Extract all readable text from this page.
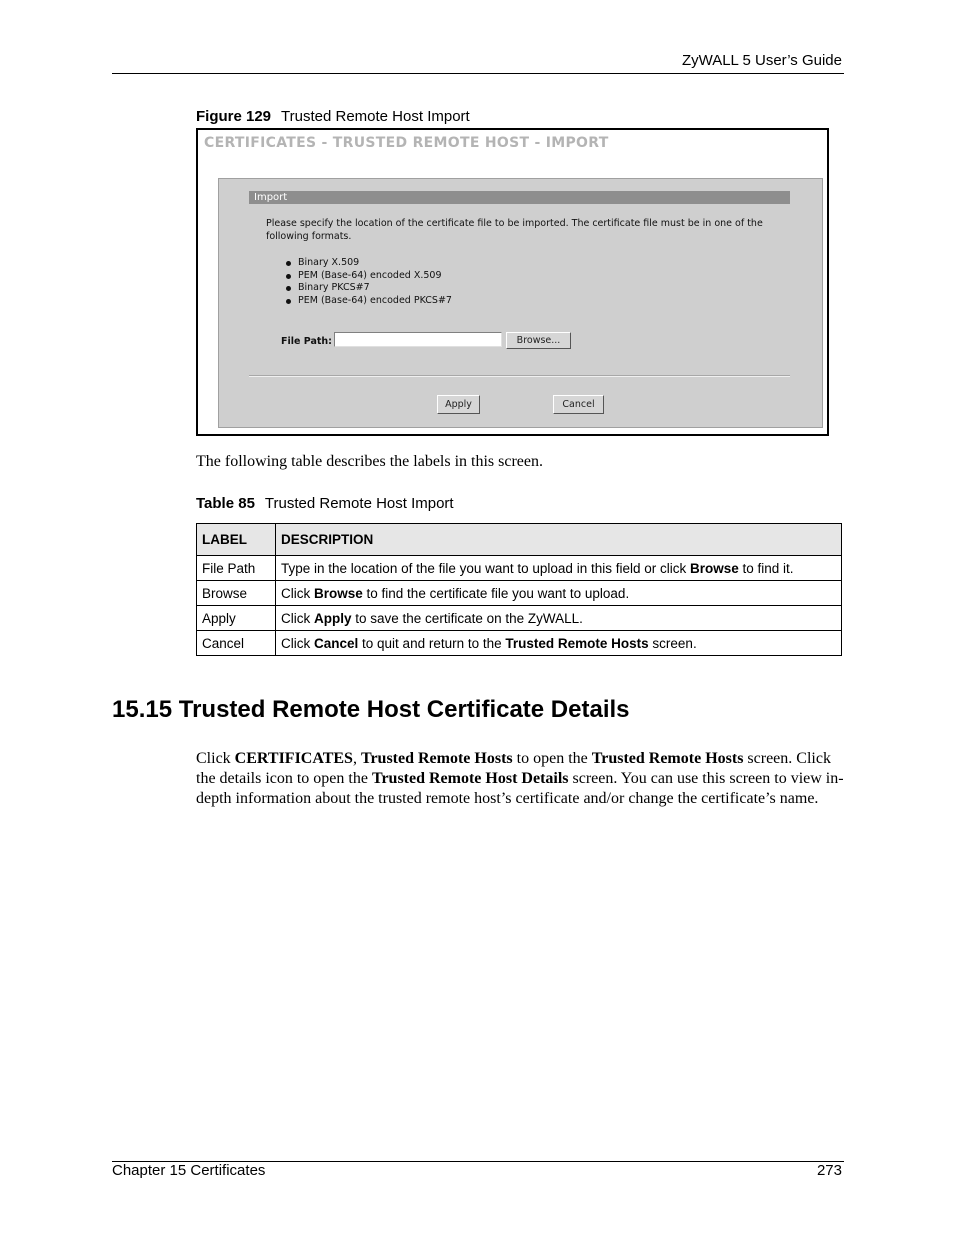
ZyWALL 5 User’s Guide
Figure 129 Trusted Remote Host Import
CERTIFICATES - TRUSTED REMOTE HOST - IMPORT
Import
Please specify the location of the certificate file to be imported. The certificate file must be in one of the following formats.
Binary X.509
PEM (Base-64) encoded X.509
Binary PKCS#7
PEM (Base-64) encoded PKCS#7
File Path:	Browse...
Apply	Cancel
The following table describes the labels in this screen.
Table 85 Trusted Remote Host Import
LABEL	DESCRIPTION
File Path	Type in the location of the file you want to upload in this field or click Browse to find it.
Browse	Click Browse to find the certificate file you want to upload.
Apply	Click Apply to save the certificate on the ZyWALL.
Cancel	Click Cancel to quit and return to the Trusted Remote Hosts screen.
15.15 Trusted Remote Host Certificate Details
Click CERTIFICATES, Trusted Remote Hosts to open the Trusted Remote Hosts screen. Click the details icon to open the Trusted Remote Host Details screen. You can use this screen to view in-depth information about the trusted remote host’s certificate and/or change the certificate’s name.
Chapter 15 Certificates	273
